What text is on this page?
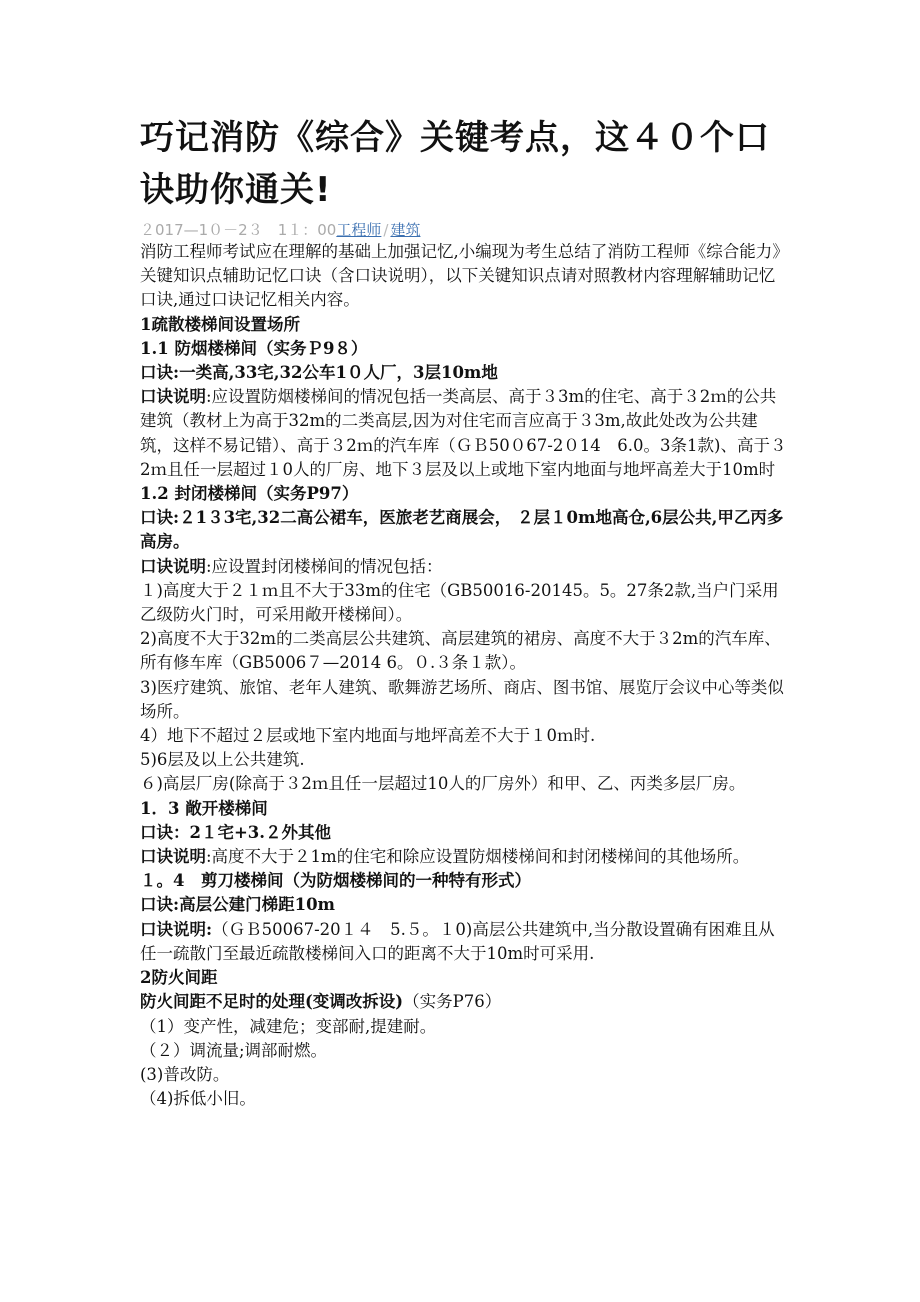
巧记消防《综合》关键考点，这４０个口诀助你通关!
２017—1０－2３　1１：00工程师 / 建筑

消防工程师考试应在理解的基础上加强记忆,小编现为考生总结了消防工程师《综合能力》关键知识点辅助记忆口诀（含口诀说明），以下关键知识点请对照教材内容理解辅助记忆口诀,通过口诀记忆相关内容。

1疏散楼梯间设置场所

1.1 防烟楼梯间（实务Ｐ9８）

口诀:一类高,33宅,32公车1０人厂，3层10m地

口诀说明:应设置防烟楼梯间的情况包括一类高层、高于３3m的住宅、高于３2ｍ的公共建筑（教材上为高于32m的二类高层,因为对住宅而言应高于３3m,故此处改为公共建筑，这样不易记错）、高于３2ｍ的汽车库（ＧＢ50０67-2０14　6.0。3条1款)、高于３2ｍ且任一层超过１0人的厂房、地下３层及以上或地下室内地面与地坪高差大于10m时

1.2 封闭楼梯间（实务P97）

口诀:２1３3宅,32二高公裙车，医旅老艺商展会， ２层１0m地高仓,6层公共,甲乙丙多高房。

口诀说明:应设置封闭楼梯间的情况包括：

１)高度大于２１ｍ且不大于33m的住宅（GB50016-20145。5。27条2款,当户门采用乙级防火门时，可采用敞开楼梯间）。

2)高度不大于32m的二类高层公共建筑、高层建筑的裙房、高度不大于３2m的汽车库、所有修车库（GB5006７—2014 6。０.３条１款）。

3)医疗建筑、旅馆、老年人建筑、歌舞游艺场所、商店、图书馆、展览厅会议中心等类似场所。

4）地下不超过２层或地下室内地面与地坪高差不大于１0ｍ时.

5)6层及以上公共建筑.

６)高层厂房(除高于３2ｍ且任一层超过10人的厂房外）和甲、乙、丙类多层厂房。

1．3 敞开楼梯间

口诀：2１宅+3.２外其他

口诀说明:高度不大于２1m的住宅和除应设置防烟楼梯间和封闭楼梯间的其他场所。

１。4　剪刀楼梯间（为防烟楼梯间的一种特有形式）

口诀:高层公建门梯距10m

口诀说明:（ＧＢ50067-20１４　5.５。１0)高层公共建筑中,当分散设置确有困难且从任一疏散门至最近疏散楼梯间入口的距离不大于10m时可采用.

2防火间距

防火间距不足时的处理(变调改拆设)（实务P76）

（1）变产性，减建危；变部耐,提建耐。

（２）调流量;调部耐燃。

(3)普改防。

（4)拆低小旧。
